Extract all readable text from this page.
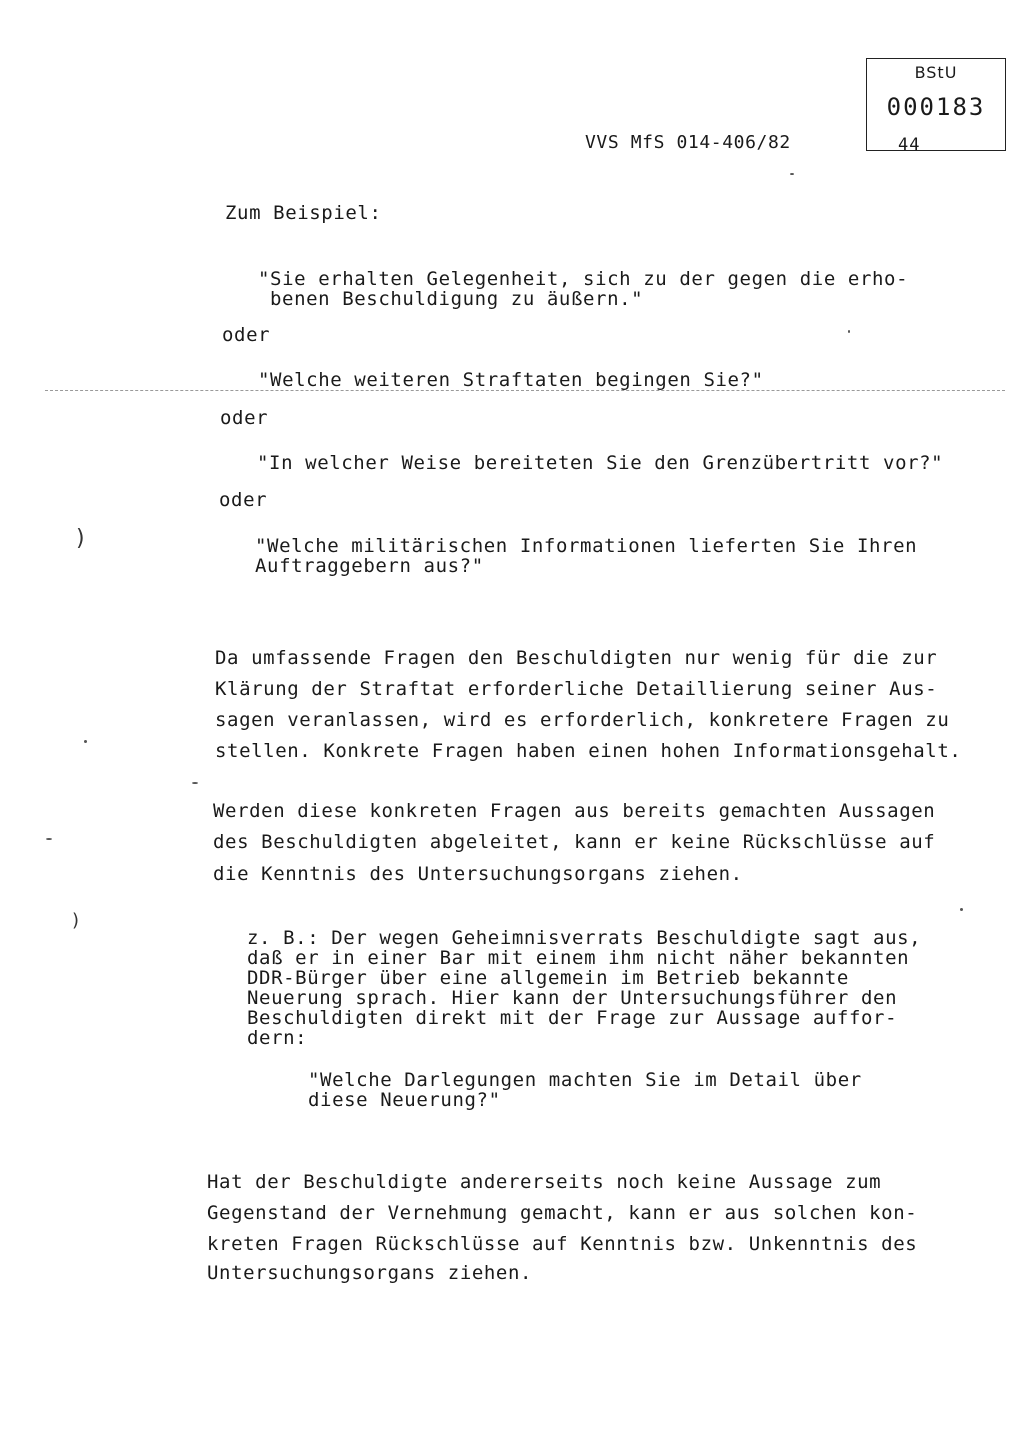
BStU
000183
44
VVS MfS 014-406/82
Zum Beispiel:
"Sie erhalten Gelegenheit, sich zu der gegen die erho-
benen Beschuldigung zu äußern."
oder
"Welche weiteren Straftaten begingen Sie?"
oder
"In welcher Weise bereiteten Sie den Grenzübertritt vor?"
oder
"Welche militärischen Informationen lieferten Sie Ihren
Auftraggebern aus?"
Da umfassende Fragen den Beschuldigten nur wenig für die zur
Klärung der Straftat erforderliche Detaillierung seiner Aus-
sagen veranlassen, wird es erforderlich, konkretere Fragen zu
stellen. Konkrete Fragen haben einen hohen Informationsgehalt.
Werden diese konkreten Fragen aus bereits gemachten Aussagen
des Beschuldigten abgeleitet, kann er keine Rückschlüsse auf
die Kenntnis des Untersuchungsorgans ziehen.
z. B.: Der wegen Geheimnisverrats Beschuldigte sagt aus,
daß er in einer Bar mit einem ihm nicht näher bekannten
DDR-Bürger über eine allgemein im Betrieb bekannte
Neuerung sprach. Hier kann der Untersuchungsführer den
Beschuldigten direkt mit der Frage zur Aussage auffor-
dern:
"Welche Darlegungen machten Sie im Detail über
diese Neuerung?"
Hat der Beschuldigte andererseits noch keine Aussage zum
Gegenstand der Vernehmung gemacht, kann er aus solchen kon-
kreten Fragen Rückschlüsse auf Kenntnis bzw. Unkenntnis des
Untersuchungsorgans ziehen.
)
)
